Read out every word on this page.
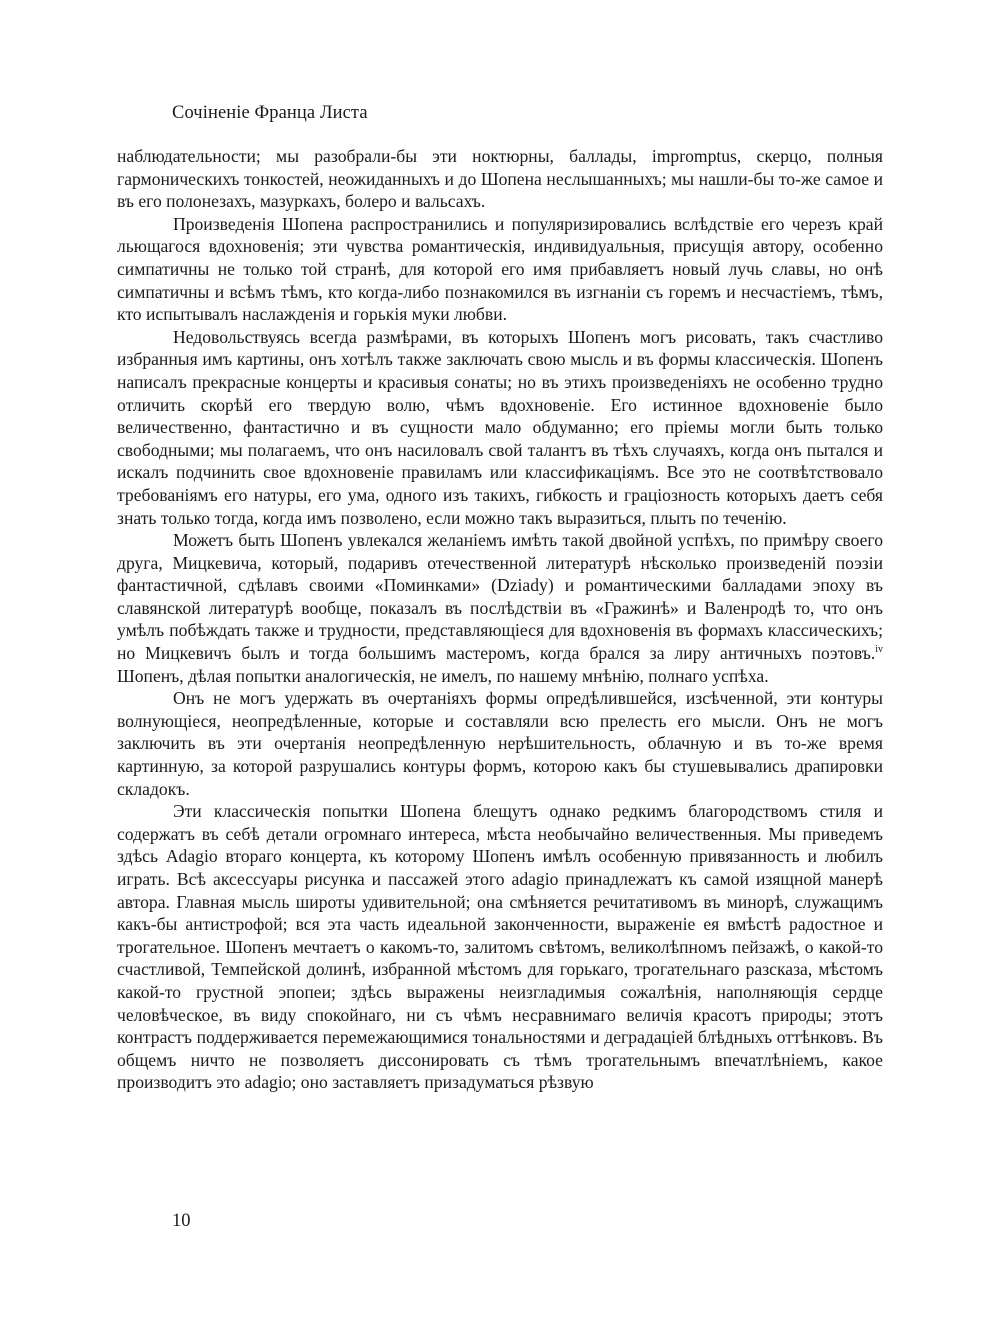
Сочiненiе Франца Листа

наблюдательности; мы разобрали-бы эти ноктюрны, баллады, impromptus, скерцо, полныя гармоническихъ тонкостей, неожиданныхъ и до Шопена неслышанныхъ; мы нашли-бы то-же самое и въ его полонезахъ, мазуркахъ, болеро и вальсахъ.

Произведенiя Шопена распространились и популяризировались вслѣдствiе его черезъ край льющагося вдохновенiя; эти чувства романтическiя, индивидуальныя, присущiя автору, особенно симпатичны не только той странѣ, для которой его имя прибавляетъ новый лучь славы, но онѣ симпатичны и всѣмъ тѣмъ, кто когда-либо познакомился въ изгнанiи съ горемъ и несчастiемъ, тѣмъ, кто испытывалъ наслажденiя и горькiя муки любви.

Недовольствуясь всегда размѣрами, въ которыхъ Шопенъ могъ рисовать, такъ счастливо избранныя имъ картины, онъ хотѣлъ также заключать свою мысль и въ формы классическiя. Шопенъ написалъ прекрасные концерты и красивыя сонаты; но въ этихъ произведенiяхъ не особенно трудно отличить скорѣй его твердую волю, чѣмъ вдохновенiе. Его истинное вдохновенiе было величественно, фантастично и въ сущности мало обдуманно; его прiемы могли быть только свободными; мы полагаемъ, что онъ насиловалъ свой талантъ въ тѣхъ случаяхъ, когда онъ пытался и искалъ подчинить свое вдохновенiе правиламъ или классификацiямъ. Все это не соотвѣтствовало требованiямъ его натуры, его ума, одного изъ такихъ, гибкость и грацiозность которыхъ даетъ себя знать только тогда, когда имъ позволено, если можно такъ выразиться, плыть по теченiю.

Можетъ быть Шопенъ увлекался желанiемъ имѣть такой двойной успѣхъ, по примѣру своего друга, Мицкевича, который, подаривъ отечественной литературѣ нѣсколько произведенiй поэзiи фантастичной, сдѣлавъ своими «Поминками» (Dziady) и романтическими балладами эпоху въ славянской литературѣ вообще, показалъ въ послѣдствiи въ «Гражинѣ» и Валенродѣ то, что онъ умѣлъ побѣждать также и трудности, представляющiеся для вдохновенiя въ формахъ классическихъ; но Мицкевичъ былъ и тогда большимъ мастеромъ, когда брался за лиру античныхъ поэтовъ.$^{iv}$ Шопенъ, дѣлая попытки аналогическiя, не имелъ, по нашему мнѣнiю, полнаго успѣха.

Онъ не могъ удержать въ очертанiяхъ формы опредѣлившейся, изсѣченной, эти контуры волнующiеся, неопредѣленные, которые и составляли всю прелесть его мысли. Онъ не могъ заключить въ эти очертанiя неопредѣленную нерѣшительность, облачную и въ то-же время картинную, за которой разрушались контуры формъ, которою какъ бы стушевывались драпировки складокъ.

Эти классическiя попытки Шопена блещутъ однако редкимъ благородствомъ стиля и содержатъ въ себѣ детали огромнаго интереса, мѣста необычайно величественныя. Мы приведемъ здѣсь Adagio втораго концерта, къ которому Шопенъ имѣлъ особенную привязанность и любилъ играть. Всѣ аксессуары рисунка и пассажей этого adagio принадлежатъ къ самой изящной манерѣ автора. Главная мысль широты удивительной; она смѣняется речитативомъ въ минорѣ, служащимъ какъ-бы антистрофой; вся эта часть идеальной законченности, выраженiе ея вмѣстѣ радостное и трогательное. Шопенъ мечтаетъ о какомъ-то, залитомъ свѣтомъ, великолѣпномъ пейзажѣ, о какой-то счастливой, Темпейской долинѣ, избранной мѣстомъ для горькаго, трогательнаго разсказа, мѣстомъ какой-то грустной эпопеи; здѣсь выражены неизгладимыя сожалѣнiя, наполняющiя сердце человѣческое, въ виду спокойнаго, ни съ чѣмъ несравнимаго величiя красотъ природы; этотъ контрастъ поддерживается перемежающимися тональностями и деградацiей блѣдныхъ оттѣнковъ. Въ общемъ ничто не позволяетъ диссонировать съ тѣмъ трогательнымъ впечатлѣнiемъ, какое производитъ это adagio; оно заставляетъ призадуматься рѣзвую

10
